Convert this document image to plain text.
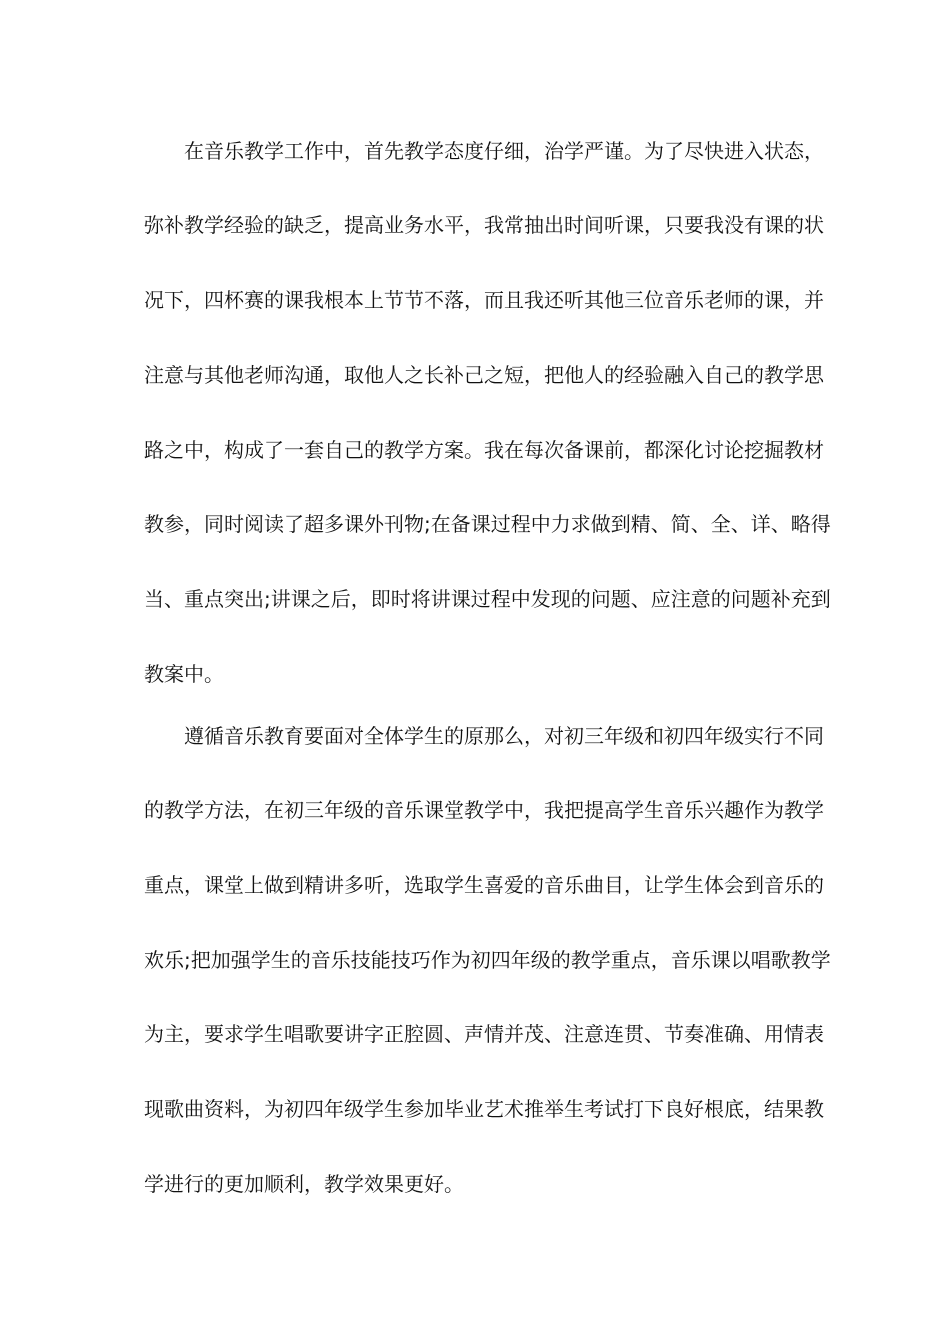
在音乐教学工作中，首先教学态度仔细，治学严谨。为了尽快进入状态，
弥补教学经验的缺乏，提高业务水平，我常抽出时间听课，只要我没有课的状
况下，四杯赛的课我根本上节节不落，而且我还听其他三位音乐老师的课，并
注意与其他老师沟通，取他人之长补己之短，把他人的经验融入自己的教学思
路之中，构成了一套自己的教学方案。我在每次备课前，都深化讨论挖掘教材
教参，同时阅读了超多课外刊物;在备课过程中力求做到精、简、全、详、略得
当、重点突出;讲课之后，即时将讲课过程中发现的问题、应注意的问题补充到
教案中。
遵循音乐教育要面对全体学生的原那么，对初三年级和初四年级实行不同
的教学方法，在初三年级的音乐课堂教学中，我把提高学生音乐兴趣作为教学
重点，课堂上做到精讲多听，选取学生喜爱的音乐曲目，让学生体会到音乐的
欢乐;把加强学生的音乐技能技巧作为初四年级的教学重点，音乐课以唱歌教学
为主，要求学生唱歌要讲字正腔圆、声情并茂、注意连贯、节奏准确、用情表
现歌曲资料，为初四年级学生参加毕业艺术推举生考试打下良好根底，结果教
学进行的更加顺利，教学效果更好。
